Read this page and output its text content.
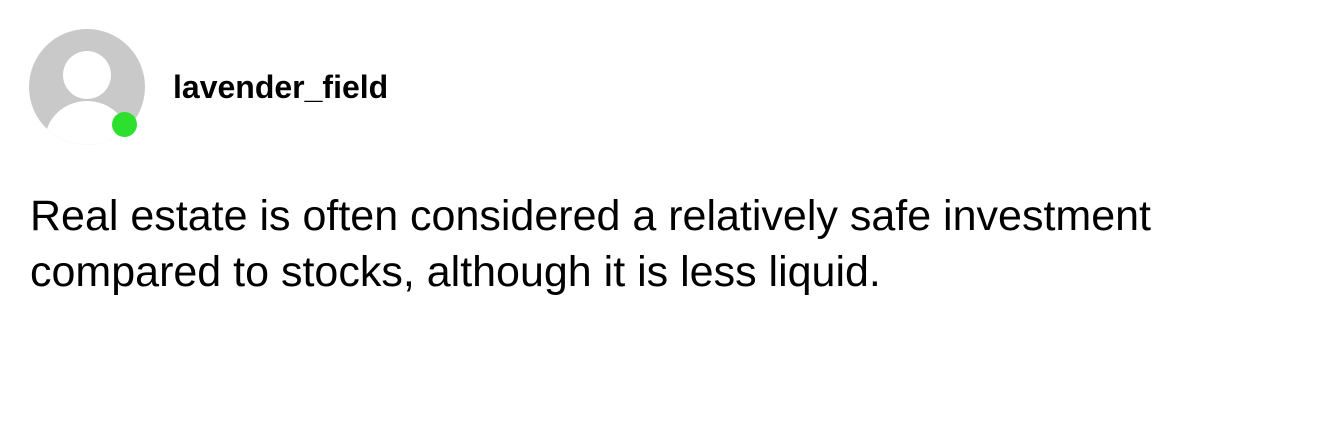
lavender_field

Real estate is often considered a relatively safe investment compared to stocks, although it is less liquid.
